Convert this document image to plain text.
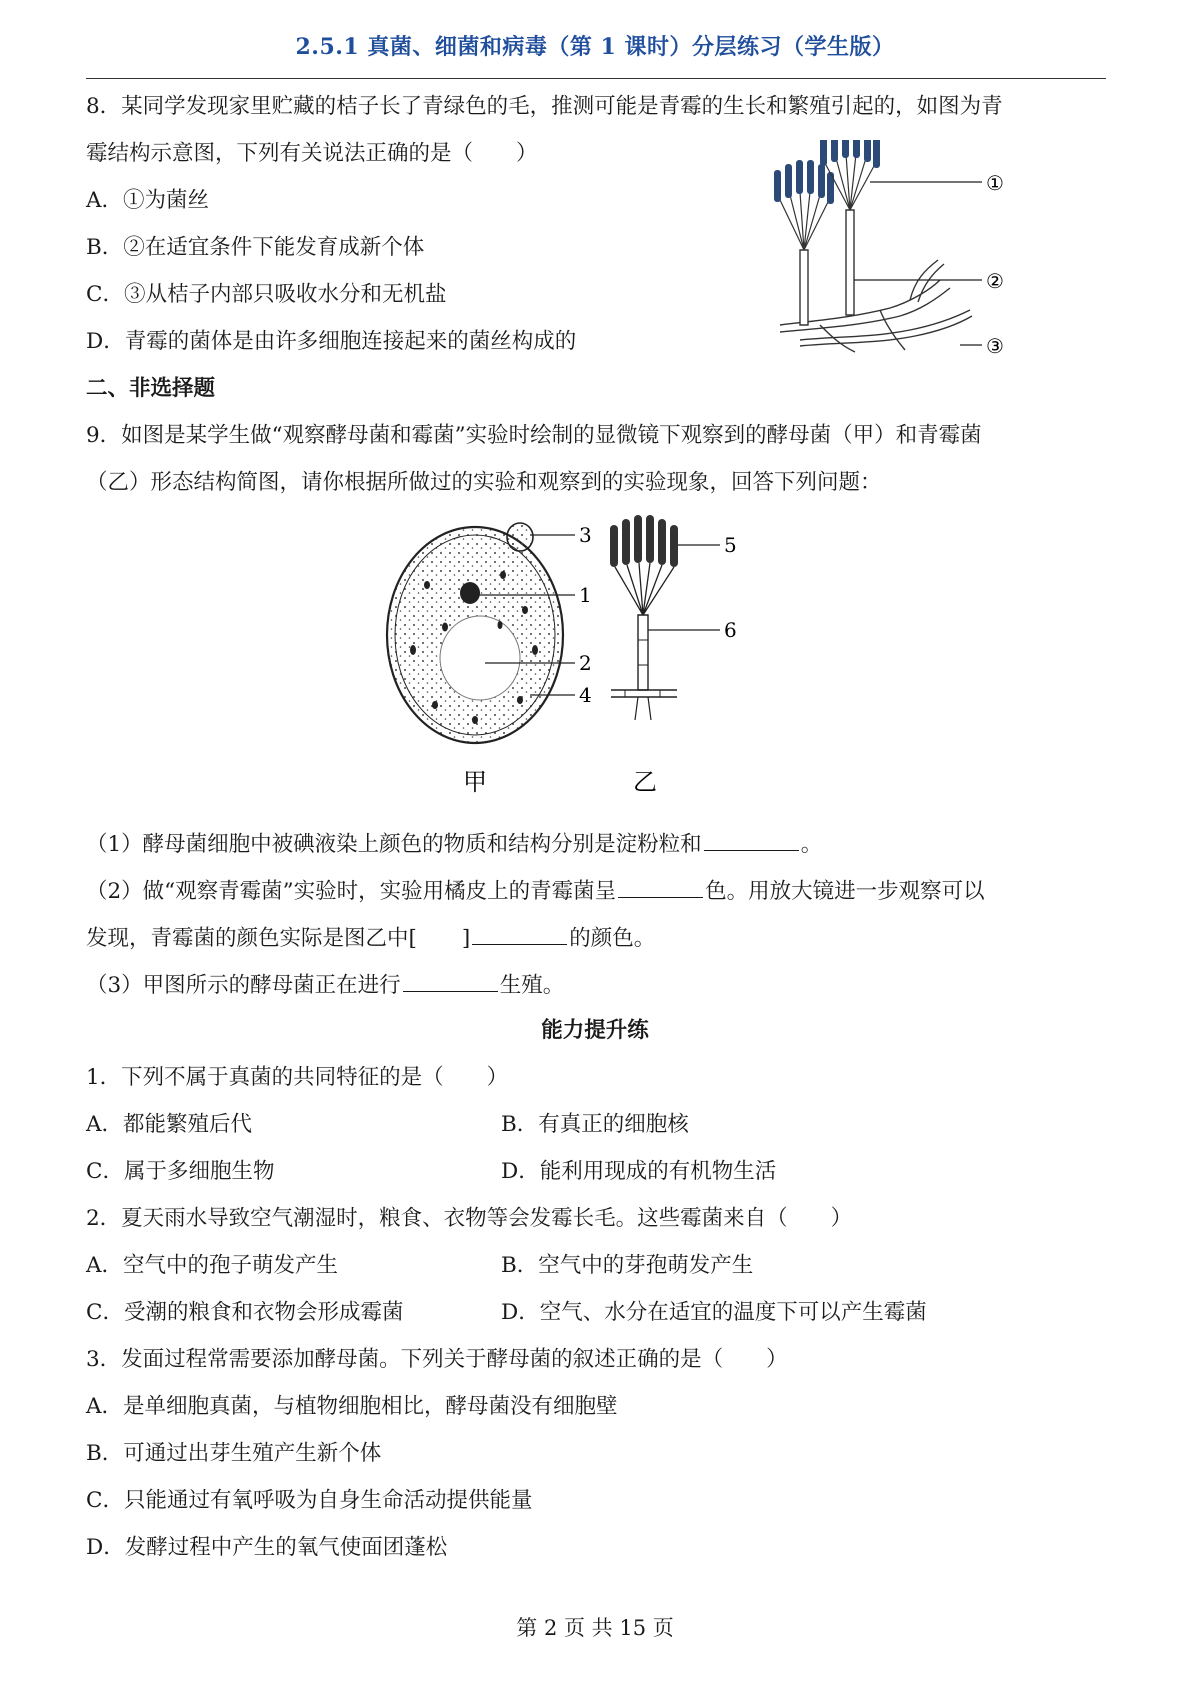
2.5.1 真菌、细菌和病毒（第 1 课时）分层练习（学生版）
8．某同学发现家里贮藏的桔子长了青绿色的毛，推测可能是青霉的生长和繁殖引起的，如图为青
霉结构示意图，下列有关说法正确的是（　　）
A．①为菌丝
B．②在适宜条件下能发育成新个体
C．③从桔子内部只吸收水分和无机盐
D．青霉的菌体是由许多细胞连接起来的菌丝构成的
①
②
③
二、非选择题
9．如图是某学生做“观察酵母菌和霉菌”实验时绘制的显微镜下观察到的酵母菌（甲）和青霉菌
（乙）形态结构简图，请你根据所做过的实验和观察到的实验现象，回答下列问题：
3
1
2
4
甲
5
6
乙
（1）酵母菌细胞中被碘液染上颜色的物质和结构分别是淀粉粒和	。
（2）做“观察青霉菌”实验时，实验用橘皮上的青霉菌呈	色。用放大镜进一步观察可以
发现，青霉菌的颜色实际是图乙中[ ]	的颜色。
（3）甲图所示的酵母菌正在进行	生殖。
能力提升练
1．下列不属于真菌的共同特征的是（　　）
A．都能繁殖后代	B．有真正的细胞核
C．属于多细胞生物	D．能利用现成的有机物生活
2．夏天雨水导致空气潮湿时，粮食、衣物等会发霉长毛。这些霉菌来自（　　）
A．空气中的孢子萌发产生	B．空气中的芽孢萌发产生
C．受潮的粮食和衣物会形成霉菌	D．空气、水分在适宜的温度下可以产生霉菌
3．发面过程常需要添加酵母菌。下列关于酵母菌的叙述正确的是（　　）
A．是单细胞真菌，与植物细胞相比，酵母菌没有细胞壁
B．可通过出芽生殖产生新个体
C．只能通过有氧呼吸为自身生命活动提供能量
D．发酵过程中产生的氧气使面团蓬松
第 2 页 共 15 页
